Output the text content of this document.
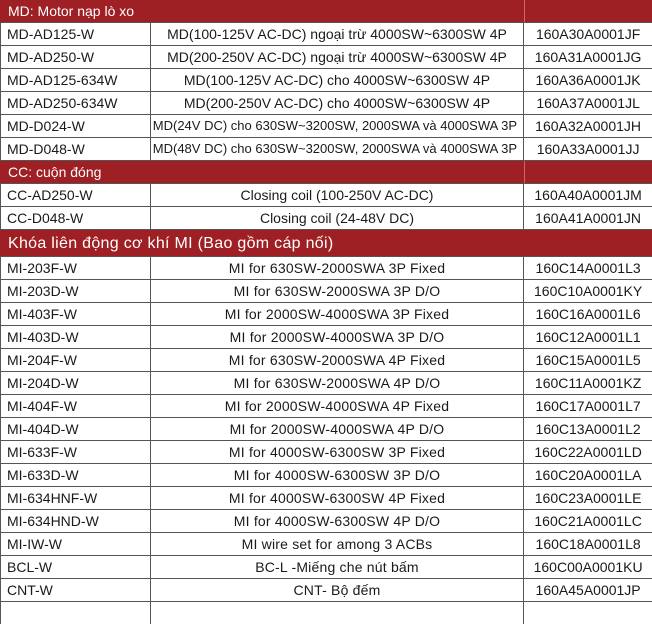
MD: Motor nạp lò xo
MD-AD125-W	MD(100-125V AC-DC) ngoại trừ 4000SW~6300SW 4P	160A30A0001JF
MD-AD250-W	MD(200-250V AC-DC) ngoại trừ 4000SW~6300SW 4P	160A31A0001JG
MD-AD125-634W	MD(100-125V AC-DC) cho 4000SW~6300SW 4P	160A36A0001JK
MD-AD250-634W	MD(200-250V AC-DC) cho 4000SW~6300SW 4P	160A37A0001JL
MD-D024-W	MD(24V DC) cho 630SW~3200SW, 2000SWA và 4000SWA 3P	160A32A0001JH
MD-D048-W	MD(48V DC) cho 630SW~3200SW, 2000SWA và 4000SWA 3P	160A33A0001JJ
CC: cuộn đóng
CC-AD250-W	Closing coil (100-250V AC-DC)	160A40A0001JM
CC-D048-W	Closing coil (24-48V DC)	160A41A0001JN
Khóa liên động cơ khí MI (Bao gồm cáp nối)
MI-203F-W	MI for 630SW-2000SWA 3P Fixed	160C14A0001L3
MI-203D-W	MI for 630SW-2000SWA 3P D/O	160C10A0001KY
MI-403F-W	MI for 2000SW-4000SWA 3P Fixed	160C16A0001L6
MI-403D-W	MI for 2000SW-4000SWA 3P D/O	160C12A0001L1
MI-204F-W	MI for 630SW-2000SWA 4P Fixed	160C15A0001L5
MI-204D-W	MI for 630SW-2000SWA 4P D/O	160C11A0001KZ
MI-404F-W	MI for 2000SW-4000SWA 4P Fixed	160C17A0001L7
MI-404D-W	MI for 2000SW-4000SWA 4P D/O	160C13A0001L2
MI-633F-W	MI for 4000SW-6300SW 3P Fixed	160C22A0001LD
MI-633D-W	MI for 4000SW-6300SW 3P D/O	160C20A0001LA
MI-634HNF-W	MI for 4000SW-6300SW 4P Fixed	160C23A0001LE
MI-634HND-W	MI for 4000SW-6300SW 4P D/O	160C21A0001LC
MI-IW-W	MI wire set for among 3 ACBs	160C18A0001L8
BCL-W	BC-L -Miếng che nút bấm	160C00A0001KU
CNT-W	CNT- Bộ đếm	160A45A0001JP
